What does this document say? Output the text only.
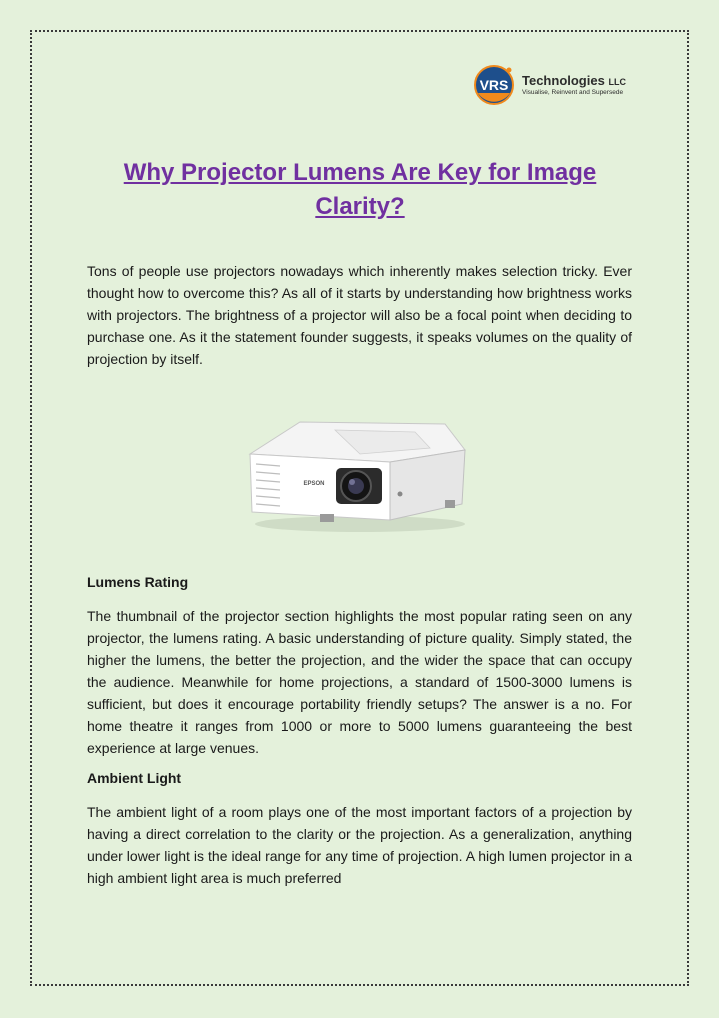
VRS Technologies LLC
Visualise, Reinvent and Supersede
Why Projector Lumens Are Key for Image Clarity?

Tons of people use projectors nowadays which inherently makes selection tricky. Ever thought how to overcome this? As all of it starts by understanding how brightness works with projectors. The brightness of a projector will also be a focal point when deciding to purchase one. As it the statement founder suggests, it speaks volumes on the quality of projection by itself.

EPSON
Lumens Rating

The thumbnail of the projector section highlights the most popular rating seen on any projector, the lumens rating. A basic understanding of picture quality. Simply stated, the higher the lumens, the better the projection, and the wider the space that can occupy the audience. Meanwhile for home projections, a standard of 1500-3000 lumens is sufficient, but does it encourage portability friendly setups? The answer is a no. For home theatre it ranges from 1000 or more to 5000 lumens guaranteeing the best experience at large venues.

Ambient Light

The ambient light of a room plays one of the most important factors of a projection by having a direct correlation to the clarity or the projection. As a generalization, anything under lower light is the ideal range for any time of projection. A high lumen projector in a high ambient light area is much preferred
